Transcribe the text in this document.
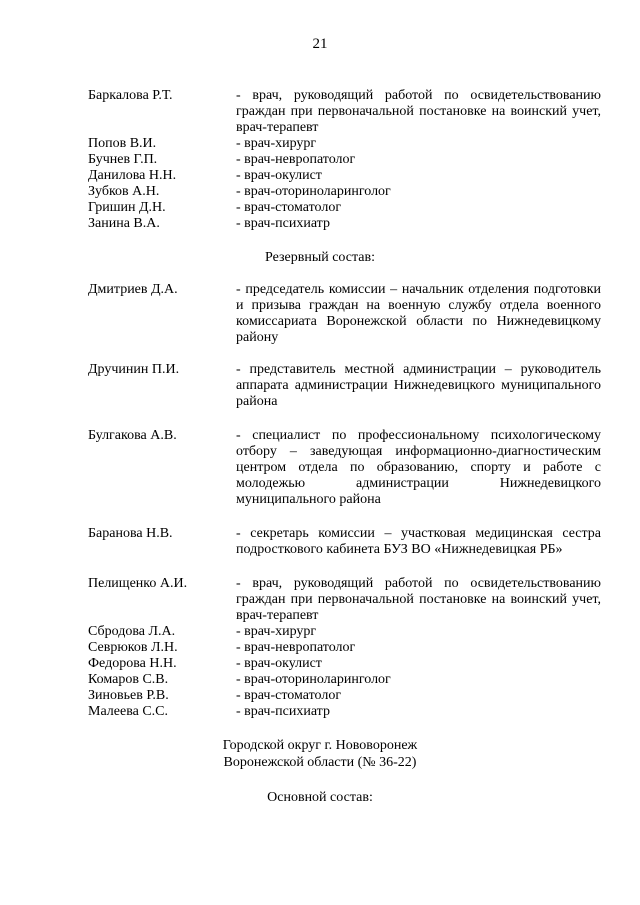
21
Баркалова Р.Т.	- врач, руководящий работой по освидетельствованию
граждан при первоначальной постановке на воинский учет,
врач-терапевт
Попов В.И.	- врач-хирург
Бучнев Г.П.	- врач-невропатолог
Данилова Н.Н.	- врач-окулист
Зубков А.Н.	- врач-оториноларинголог
Гришин Д.Н.	- врач-стоматолог
Занина В.А.	- врач-психиатр
Резервный состав:
Дмитриев Д.А.	- председатель комиссии – начальник отделения подготовки
и призыва граждан на военную службу отдела военного
комиссариата Воронежской области по Нижнедевицкому
району
Дручинин П.И.	- представитель местной администрации – руководитель
аппарата администрации Нижнедевицкого муниципального
района
Булгакова А.В.	- специалист по профессиональному психологическому
отбору – заведующая информационно-диагностическим
центром отдела по образованию, спорту и работе с
молодежью администрации Нижнедевицкого
муниципального района
Баранова Н.В.	- секретарь комиссии – участковая медицинская сестра
подросткового кабинета БУЗ ВО «Нижнедевицкая РБ»
Пелищенко А.И.	- врач, руководящий работой по освидетельствованию
граждан при первоначальной постановке на воинский учет,
врач-терапевт
Сбродова Л.А.	- врач-хирург
Севрюков Л.Н.	- врач-невропатолог
Федорова Н.Н.	- врач-окулист
Комаров С.В.	- врач-оториноларинголог
Зиновьев Р.В.	- врач-стоматолог
Малеева С.С.	- врач-психиатр
Городской округ г. Нововоронеж
Воронежской области (№ 36-22)
Основной состав:
